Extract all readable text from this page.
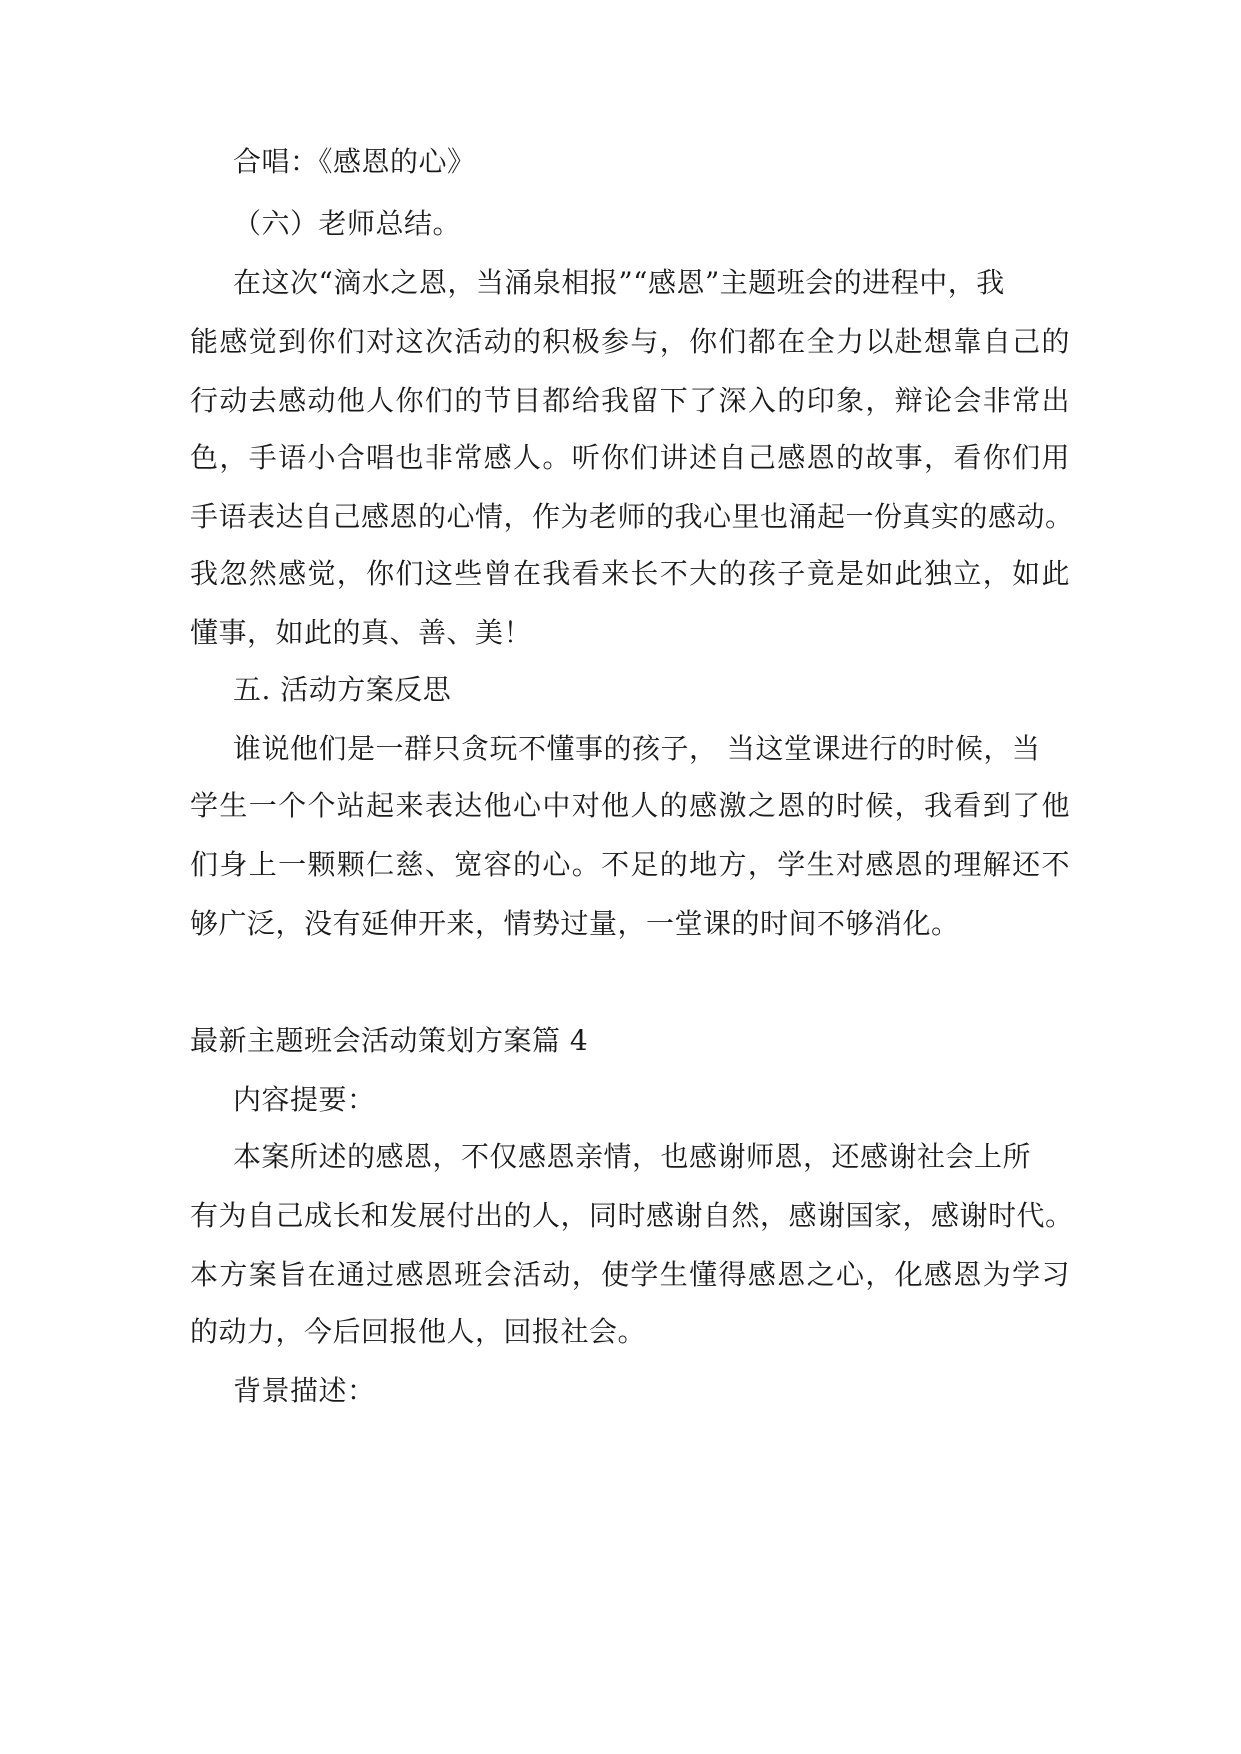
合唱：《感恩的心》

（六）老师总结。

在这次“滴水之恩，当涌泉相报”“感恩”主题班会的进程中，我

能感觉到你们对这次活动的积极参与，你们都在全力以赴想靠自己的

行动去感动他人你们的节目都给我留下了深入的印象，辩论会非常出

色，手语小合唱也非常感人。听你们讲述自己感恩的故事，看你们用

手语表达自己感恩的心情，作为老师的我心里也涌起一份真实的感动。

我忽然感觉，你们这些曾在我看来长不大的孩子竟是如此独立，如此

懂事，如此的真、善、美！

五. 活动方案反思

谁说他们是一群只贪玩不懂事的孩子， 当这堂课进行的时候，当

学生一个个站起来表达他心中对他人的感激之恩的时候，我看到了他

们身上一颗颗仁慈、宽容的心。不足的地方，学生对感恩的理解还不

够广泛，没有延伸开来，情势过量，一堂课的时间不够消化。

最新主题班会活动策划方案篇 4

内容提要：

本案所述的感恩，不仅感恩亲情，也感谢师恩，还感谢社会上所

有为自己成长和发展付出的人，同时感谢自然，感谢国家，感谢时代。

本方案旨在通过感恩班会活动，使学生懂得感恩之心，化感恩为学习

的动力，今后回报他人，回报社会。

背景描述：
